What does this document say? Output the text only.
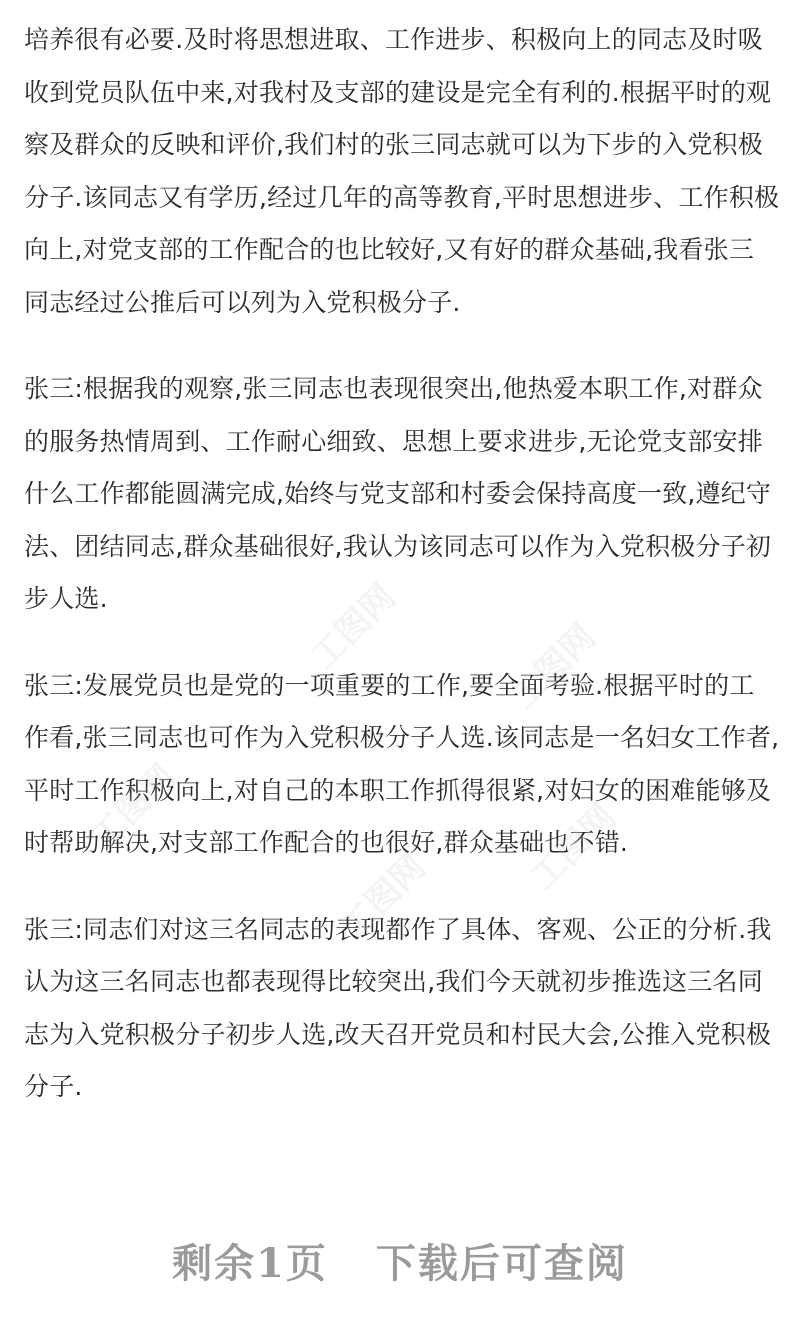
培养很有必要.及时将思想进取、工作进步、积极向上的同志及时吸
收到党员队伍中来,对我村及支部的建设是完全有利的.根据平时的观
察及群众的反映和评价,我们村的张三同志就可以为下步的入党积极
分子.该同志又有学历,经过几年的高等教育,平时思想进步、工作积极
向上,对党支部的工作配合的也比较好,又有好的群众基础,我看张三
同志经过公推后可以列为入党积极分子.

张三:根据我的观察,张三同志也表现很突出,他热爱本职工作,对群众
的服务热情周到、工作耐心细致、思想上要求进步,无论党支部安排
什么工作都能圆满完成,始终与党支部和村委会保持高度一致,遵纪守
法、团结同志,群众基础很好,我认为该同志可以作为入党积极分子初
步人选.

张三:发展党员也是党的一项重要的工作,要全面考验.根据平时的工
作看,张三同志也可作为入党积极分子人选.该同志是一名妇女工作者,
平时工作积极向上,对自己的本职工作抓得很紧,对妇女的困难能够及
时帮助解决,对支部工作配合的也很好,群众基础也不错.

张三:同志们对这三名同志的表现都作了具体、客观、公正的分析.我
认为这三名同志也都表现得比较突出,我们今天就初步推选这三名同
志为入党积极分子初步人选,改天召开党员和村民大会,公推入党积极
分子.

工图网	工图网
工图网	工图网
工图网
剩余1页 下载后可查阅
